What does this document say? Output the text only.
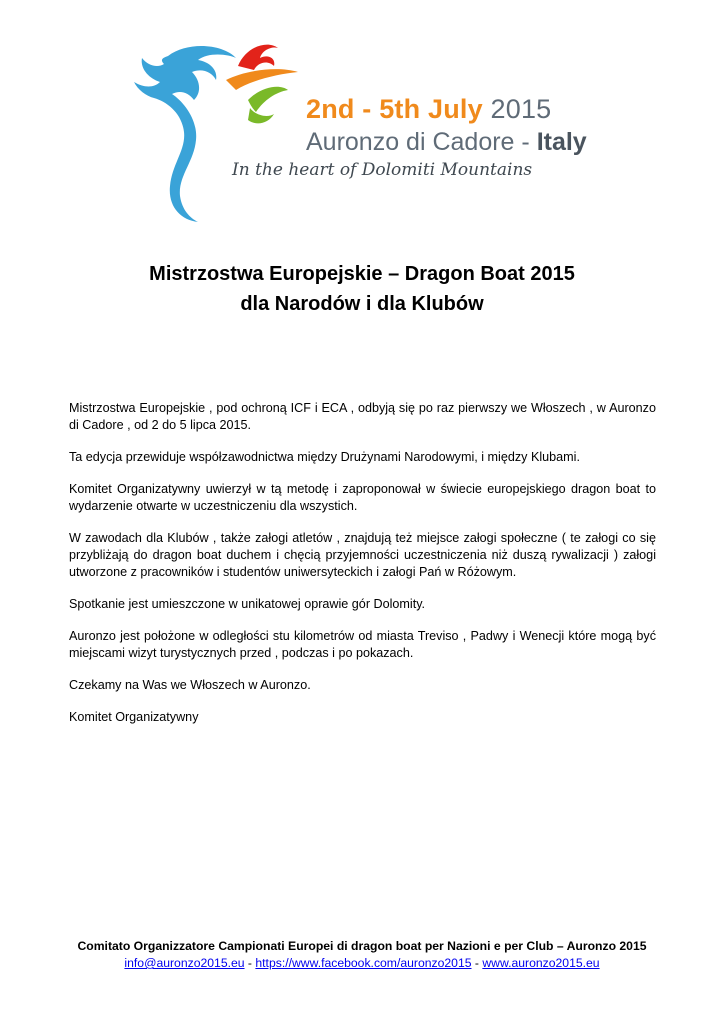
2nd - 5th July 2015
Auronzo di Cadore - Italy
In the heart of Dolomiti Mountains
Mistrzostwa Europejskie – Dragon Boat 2015
dla Narodów i dla Klubów

Mistrzostwa Europejskie , pod ochroną ICF i ECA , odbyją się po raz pierwszy we Włoszech , w Auronzo di Cadore , od 2 do 5 lipca 2015.

Ta edycja przewiduje współzawodnictwa między Drużynami Narodowymi, i między Klubami.

Komitet Organizatywny uwierzył w tą metodę i zaproponował w świecie europejskiego dragon boat to wydarzenie otwarte w uczestniczeniu dla wszystich.

W zawodach dla Klubów , także załogi atletów , znajdują też miejsce załogi społeczne ( te załogi co się przybliżają do dragon boat duchem i chęcią przyjemności uczestniczenia niż duszą rywalizacji ) załogi utworzone z pracowników i studentów uniwersyteckich i załogi Pań w Różowym.

Spotkanie jest umieszczone w unikatowej oprawie gór Dolomity.

Auronzo jest położone w odległości stu kilometrów od miasta Treviso , Padwy i Wenecji które mogą być miejscami wizyt turystycznych przed , podczas i po pokazach.

Czekamy na Was we Włoszech w Auronzo.

Komitet Organizatywny

Comitato Organizzatore Campionati Europei di dragon boat per Nazioni e per Club – Auronzo 2015
info@auronzo2015.eu - https://www.facebook.com/auronzo2015 - www.auronzo2015.eu
